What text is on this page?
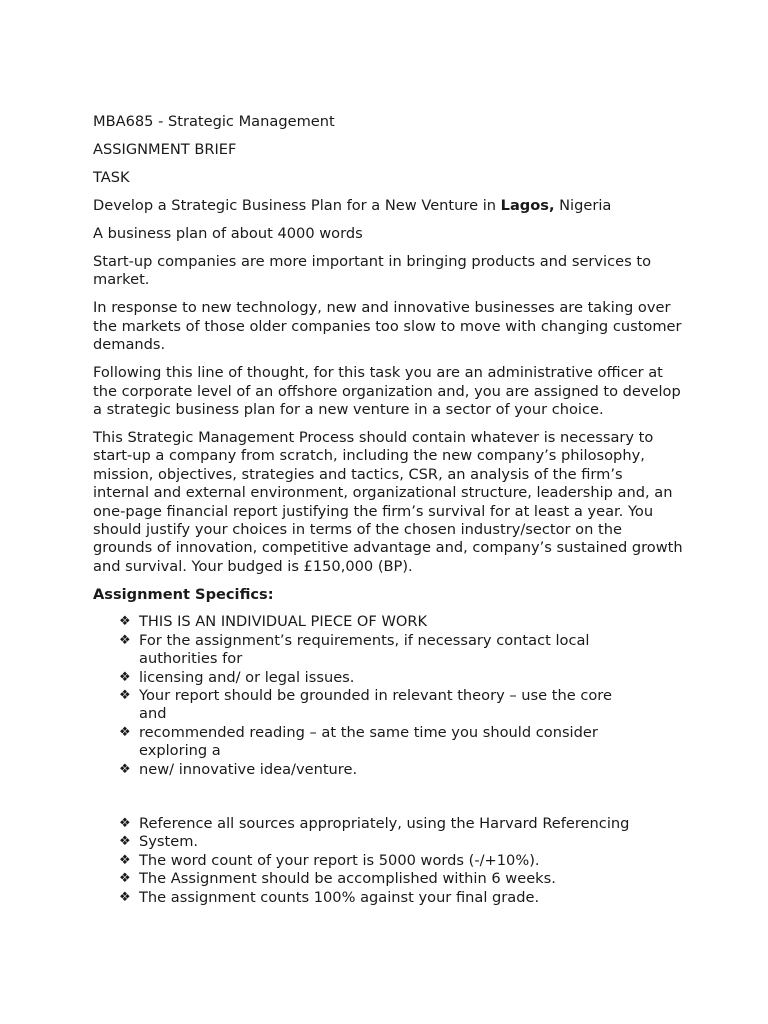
MBA685 - Strategic Management
ASSIGNMENT BRIEF
TASK
Develop a Strategic Business Plan for a New Venture in Lagos, Nigeria
A business plan of about 4000 words
Start-up companies are more important in bringing products and services to market.
In response to new technology, new and innovative businesses are taking over the markets of those older companies too slow to move with changing customer demands.
Following this line of thought, for this task you are an administrative officer at the corporate level of an offshore organization and, you are assigned to develop a strategic business plan for a new venture in a sector of your choice.
This Strategic Management Process should contain whatever is necessary to start-up a company from scratch, including the new company’s philosophy, mission, objectives, strategies and tactics, CSR, an analysis of the firm’s internal and external environment, organizational structure, leadership and, an one-page financial report justifying the firm’s survival for at least a year. You should justify your choices in terms of the chosen industry/sector on the grounds of innovation, competitive advantage and, company’s sustained growth and survival. Your budged is £150,000 (BP).
Assignment Specifics:
❖ THIS IS AN INDIVIDUAL PIECE OF WORK
❖ For the assignment’s requirements, if necessary contact local authorities for
❖ licensing and/ or legal issues.
❖ Your report should be grounded in relevant theory – use the core and
❖ recommended reading – at the same time you should consider exploring a
❖ new/ innovative idea/venture.
❖ Reference all sources appropriately, using the Harvard Referencing
❖ System.
❖ The word count of your report is 5000 words (-/+10%).
❖ The Assignment should be accomplished within 6 weeks.
❖ The assignment counts 100% against your final grade.
